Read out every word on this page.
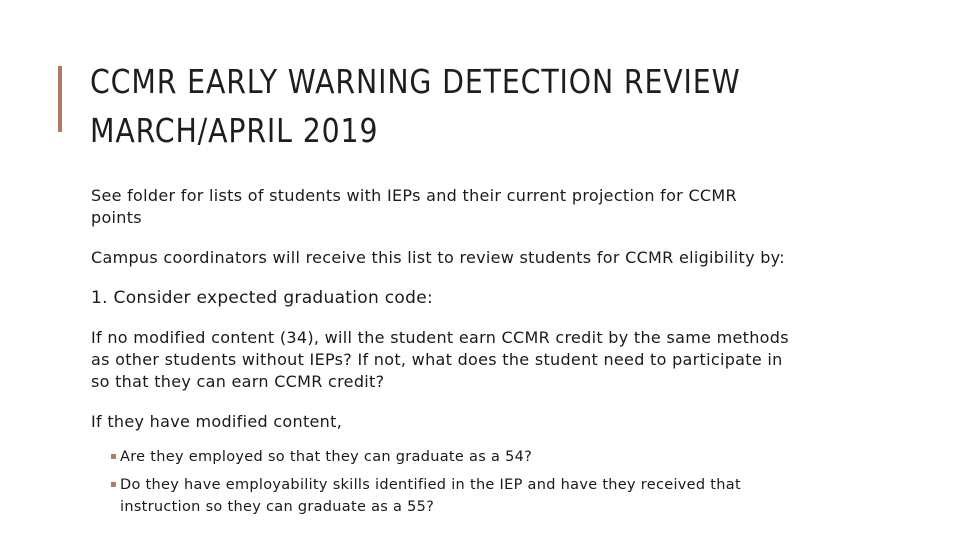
CCMR EARLY WARNING DETECTION REVIEW
MARCH/APRIL 2019

See folder for lists of students with IEPs and their current projection for CCMR points

Campus coordinators will receive this list to review students for CCMR eligibility by:

1. Consider expected graduation code:

If no modified content (34), will the student earn CCMR credit by the same methods as other students without IEPs? If not, what does the student need to participate in so that they can earn CCMR credit?

If they have modified content,

▪ Are they employed so that they can graduate as a 54?
▪ Do they have employability skills identified in the IEP and have they received that instruction so they can graduate as a 55?
